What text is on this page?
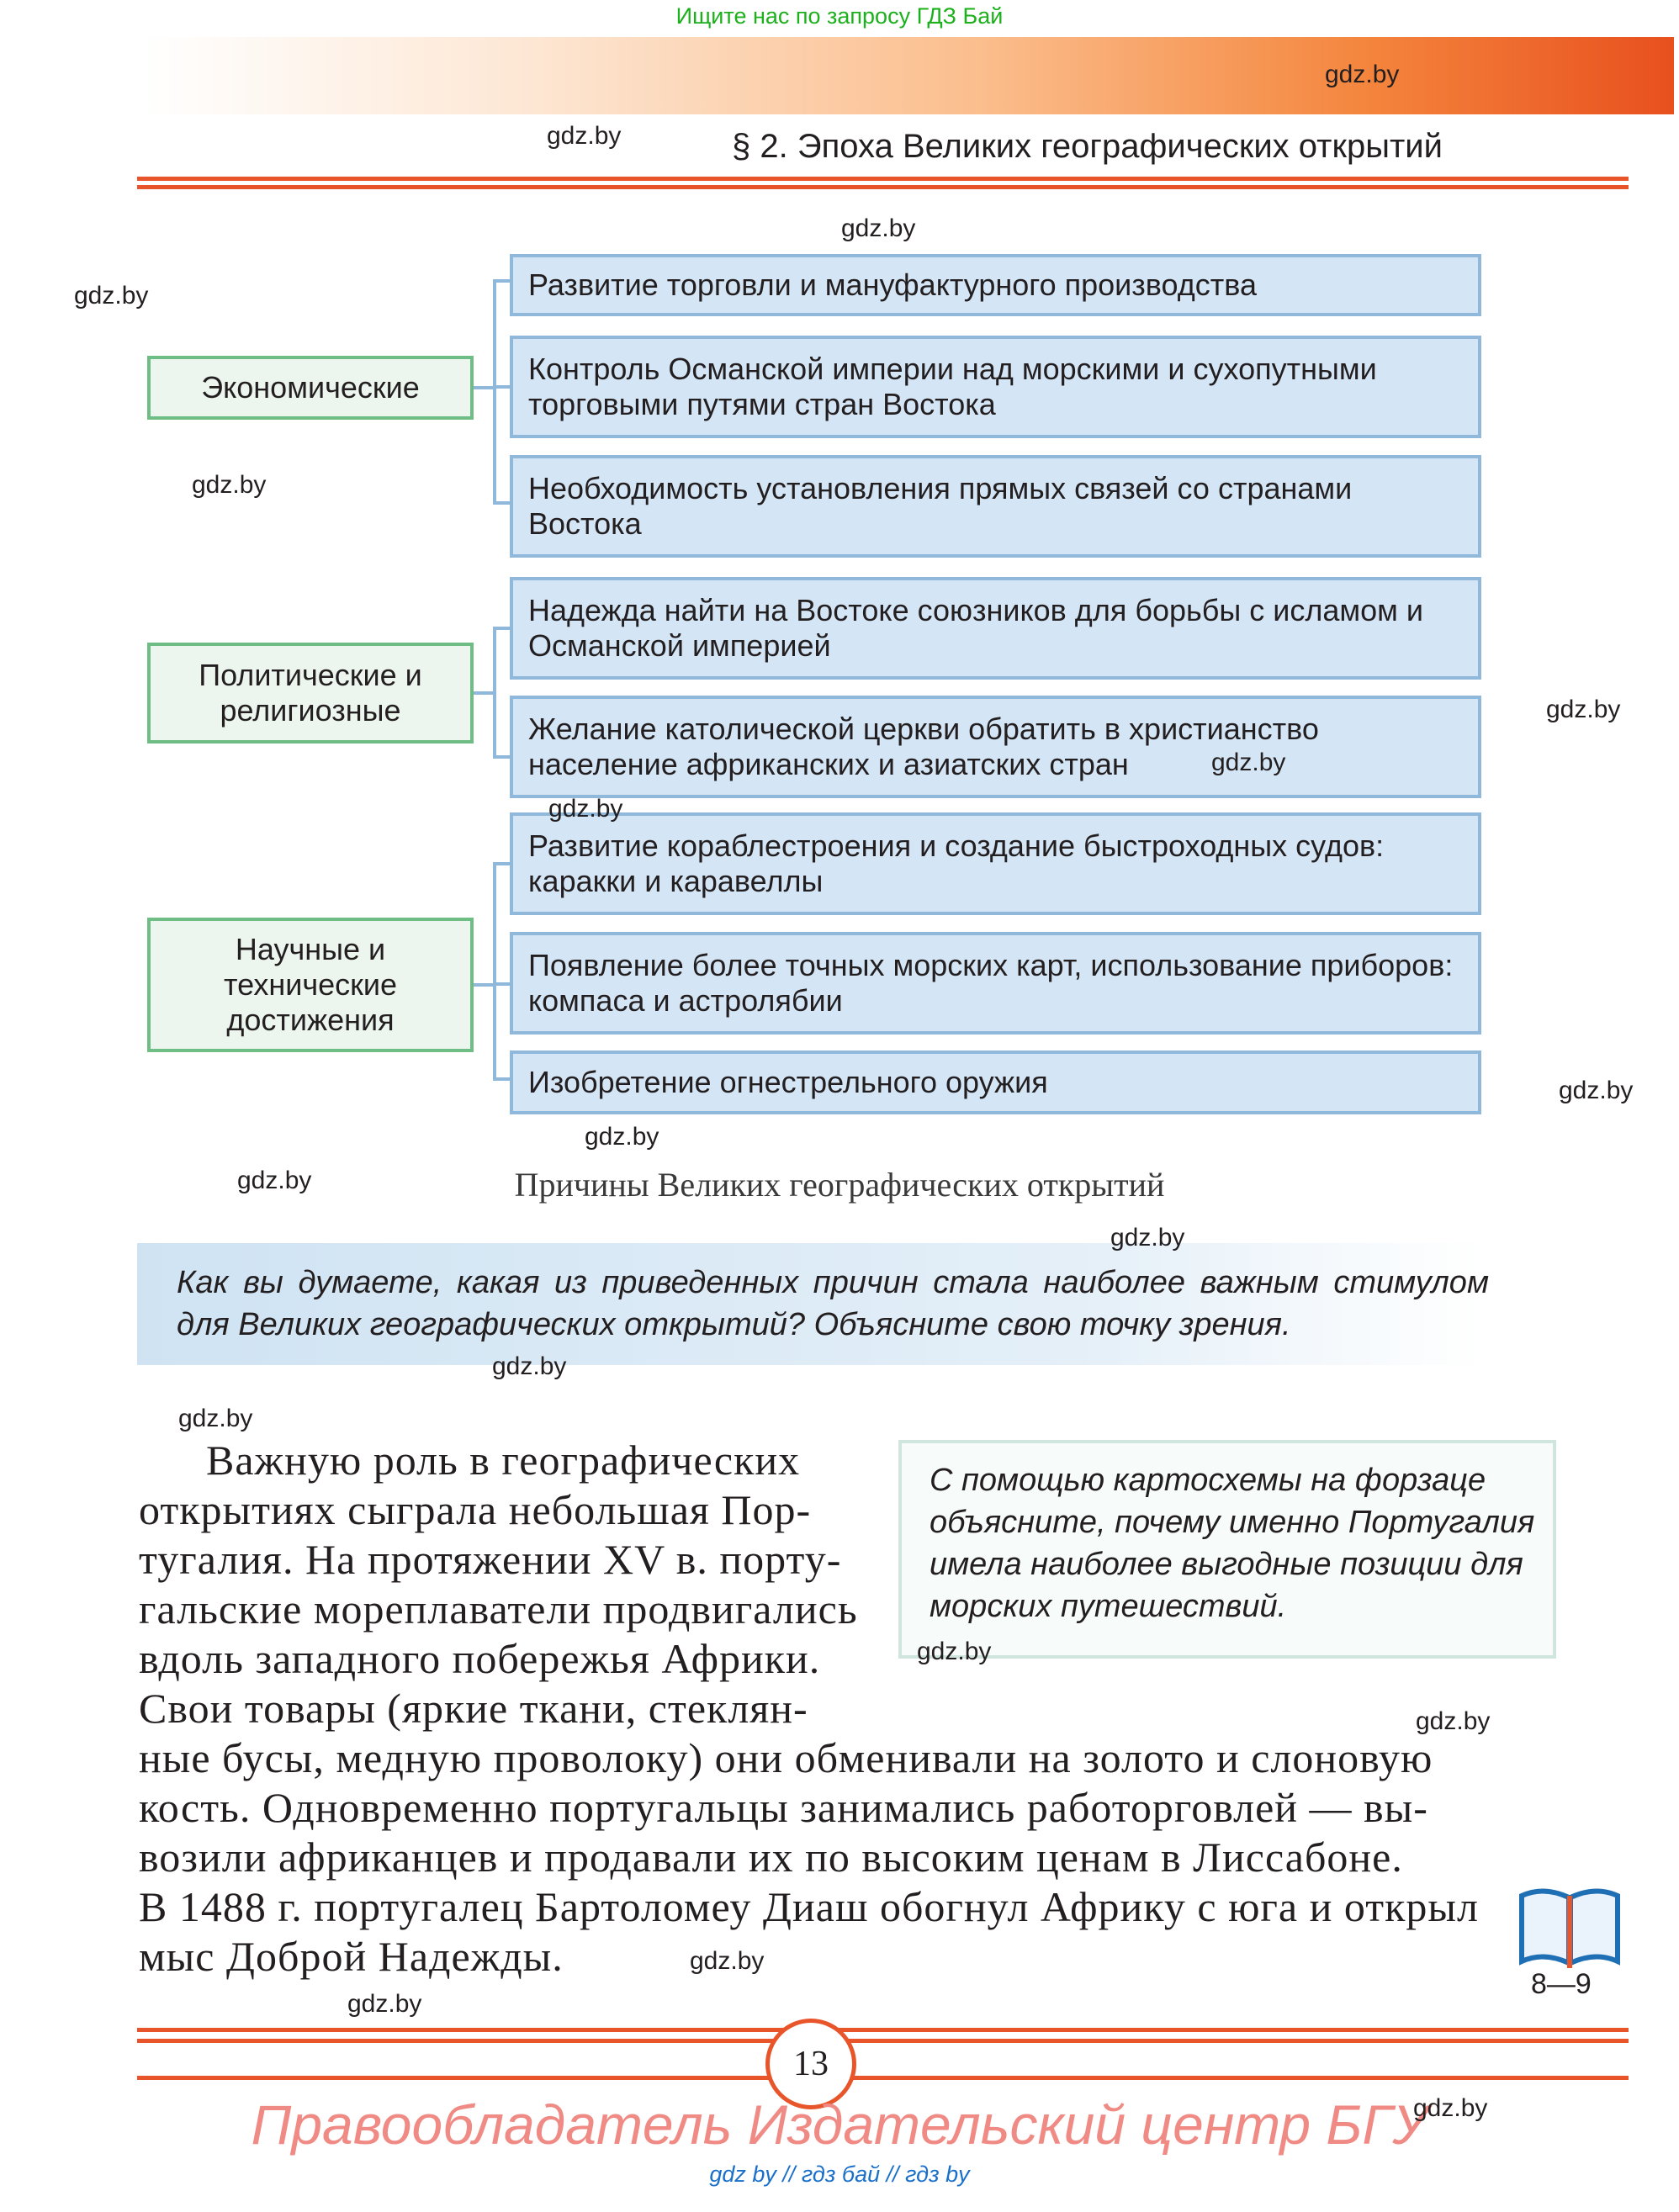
Ищите нас по запросу ГДЗ Бай
§ 2. Эпоха Великих географических открытий
Экономические
Политические и религиозные
Научные и технические достижения
Развитие торговли и мануфактурного производства
Контроль Османской империи над морскими и сухопутными торговыми путями стран Востока
Необходимость установления прямых связей со странами Востока
Надежда найти на Востоке союзников для борьбы с исламом и Османской империей
Желание католической церкви обратить в христианство население африканских и азиатских стран
Развитие кораблестроения и создание быстроходных судов: каракки и каравеллы
Появление более точных морских карт, использование приборов: компаса и астролябии
Изобретение огнестрельного оружия
Причины Великих географических открытий
Как вы думаете, какая из приведенных причин стала наиболее важным стимулом для Великих географических открытий? Объясните свою точку зрения.
С помощью картосхемы на форзаце объясните, почему именно Португалия имела наиболее выгодные позиции для морских путешествий.
Важную роль в географических
открытиях сыграла небольшая Пор-
тугалия. На протяжении XV в. порту-
гальские мореплаватели продвигались
вдоль западного побережья Африки.
Свои товары (яркие ткани, стеклян-
ные бусы, медную проволоку) они обменивали на золото и слоновую
кость. Одновременно португальцы занимались работорговлей — вы-
возили африканцев и продавали их по высоким ценам в Лиссабоне.
В 1488 г. португалец Бартоломеу Диаш обогнул Африку с юга и открыл
мыс Доброй Надежды.
8—9
13
Правообладатель Издательский центр БГУ
gdz by // гдз бай // гдз by
gdz.by
gdz.by
gdz.by
gdz.by
gdz.by
gdz.by
gdz.by
gdz.by
gdz.by
gdz.by
gdz.by
gdz.by
gdz.by
gdz.by
gdz.by
gdz.by
gdz.by
gdz.by
gdz.by
